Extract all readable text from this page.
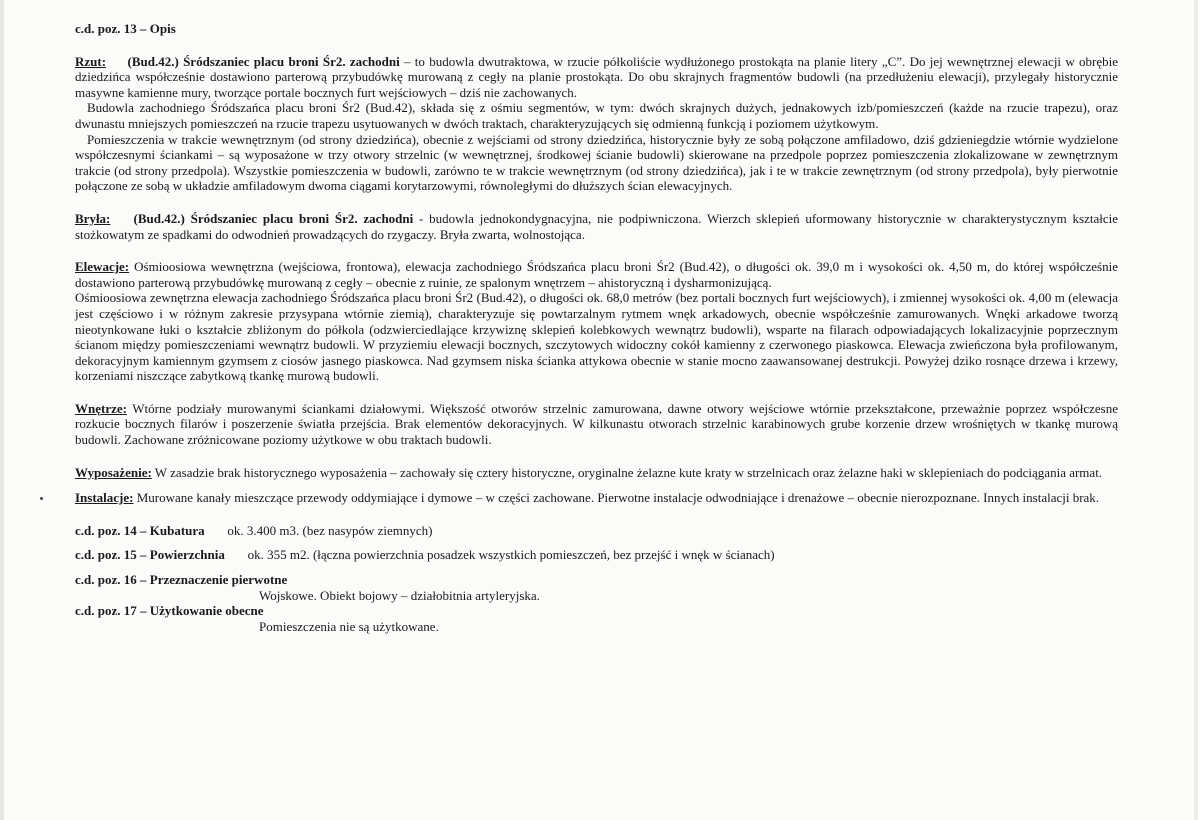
c.d. poz. 13 – Opis

Rzut: (Bud.42.) Śródszaniec placu broni Śr2. zachodni – to budowla dwutraktowa, w rzucie półkoliście wydłużonego prostokąta na planie litery „C”. Do jej wewnętrznej elewacji w obrębie dziedzińca współcześnie dostawiono parterową przybudówkę murowaną z cegły na planie prostokąta. Do obu skrajnych fragmentów budowli (na przedłużeniu elewacji), przylegały historycznie masywne kamienne mury, tworzące portale bocznych furt wejściowych – dziś nie zachowanych.

Budowla zachodniego Śródszańca placu broni Śr2 (Bud.42), składa się z ośmiu segmentów, w tym: dwóch skrajnych dużych, jednakowych izb/pomieszczeń (każde na rzucie trapezu), oraz dwunastu mniejszych pomieszczeń na rzucie trapezu usytuowanych w dwóch traktach, charakteryzujących się odmienną funkcją i poziomem użytkowym.

Pomieszczenia w trakcie wewnętrznym (od strony dziedzińca), obecnie z wejściami od strony dziedzińca, historycznie były ze sobą połączone amfiladowo, dziś gdzieniegdzie wtórnie wydzielone współczesnymi ściankami – są wyposażone w trzy otwory strzelnic (w wewnętrznej, środkowej ścianie budowli) skierowane na przedpole poprzez pomieszczenia zlokalizowane w zewnętrznym trakcie (od strony przedpola). Wszystkie pomieszczenia w budowli, zarówno te w trakcie wewnętrznym (od strony dziedzińca), jak i te w trakcie zewnętrznym (od strony przedpola), były pierwotnie połączone ze sobą w układzie amfiladowym dwoma ciągami korytarzowymi, równoległymi do dłuższych ścian elewacyjnych.

Bryła: (Bud.42.) Śródszaniec placu broni Śr2. zachodni - budowla jednokondygnacyjna, nie podpiwniczona. Wierzch sklepień uformowany historycznie w charakterystycznym kształcie stożkowatym ze spadkami do odwodnień prowadzących do rzygaczy. Bryła zwarta, wolnostojąca.

Elewacje: Ośmioosiowa wewnętrzna (wejściowa, frontowa), elewacja zachodniego Śródszańca placu broni Śr2 (Bud.42), o długości ok. 39,0 m i wysokości ok. 4,50 m, do której współcześnie dostawiono parterową przybudówkę murowaną z cegły – obecnie z ruinie, ze spalonym wnętrzem – ahistoryczną i dysharmonizującą.

Ośmioosiowa zewnętrzna elewacja zachodniego Śródszańca placu broni Śr2 (Bud.42), o długości ok. 68,0 metrów (bez portali bocznych furt wejściowych), i zmiennej wysokości ok. 4,00 m (elewacja jest częściowo i w różnym zakresie przysypana wtórnie ziemią), charakteryzuje się powtarzalnym rytmem wnęk arkadowych, obecnie współcześnie zamurowanych. Wnęki arkadowe tworzą nieotynkowane łuki o kształcie zbliżonym do półkola (odzwierciedlające krzywiznę sklepień kolebkowych wewnątrz budowli), wsparte na filarach odpowiadających lokalizacyjnie poprzecznym ścianom między pomieszczeniami wewnątrz budowli. W przyziemiu elewacji bocznych, szczytowych widoczny cokół kamienny z czerwonego piaskowca. Elewacja zwieńczona była profilowanym, dekoracyjnym kamiennym gzymsem z ciosów jasnego piaskowca. Nad gzymsem niska ścianka attykowa obecnie w stanie mocno zaawansowanej destrukcji. Powyżej dziko rosnące drzewa i krzewy, korzeniami niszczące zabytkową tkankę murową budowli.

Wnętrze: Wtórne podziały murowanymi ściankami działowymi. Większość otworów strzelnic zamurowana, dawne otwory wejściowe wtórnie przekształcone, przeważnie poprzez współczesne rozkucie bocznych filarów i poszerzenie światła przejścia. Brak elementów dekoracyjnych. W kilkunastu otworach strzelnic karabinowych grube korzenie drzew wrośniętych w tkankę murową budowli. Zachowane zróżnicowane poziomy użytkowe w obu traktach budowli.

Wyposażenie: W zasadzie brak historycznego wyposażenia – zachowały się cztery historyczne, oryginalne żelazne kute kraty w strzelnicach oraz żelazne haki w sklepieniach do podciągania armat.

Instalacje: Murowane kanały mieszczące przewody oddymiające i dymowe – w części zachowane. Pierwotne instalacje odwodniające i drenażowe – obecnie nierozpoznane. Innych instalacji brak.

c.d. poz. 14 – Kubatura ok. 3.400 m3. (bez nasypów ziemnych)

c.d. poz. 15 – Powierzchnia ok. 355 m2. (łączna powierzchnia posadzek wszystkich pomieszczeń, bez przejść i wnęk w ścianach)

c.d. poz. 16 – Przeznaczenie pierwotne

Wojskowe. Obiekt bojowy – działobitnia artyleryjska.

c.d. poz. 17 – Użytkowanie obecne

Pomieszczenia nie są użytkowane.
